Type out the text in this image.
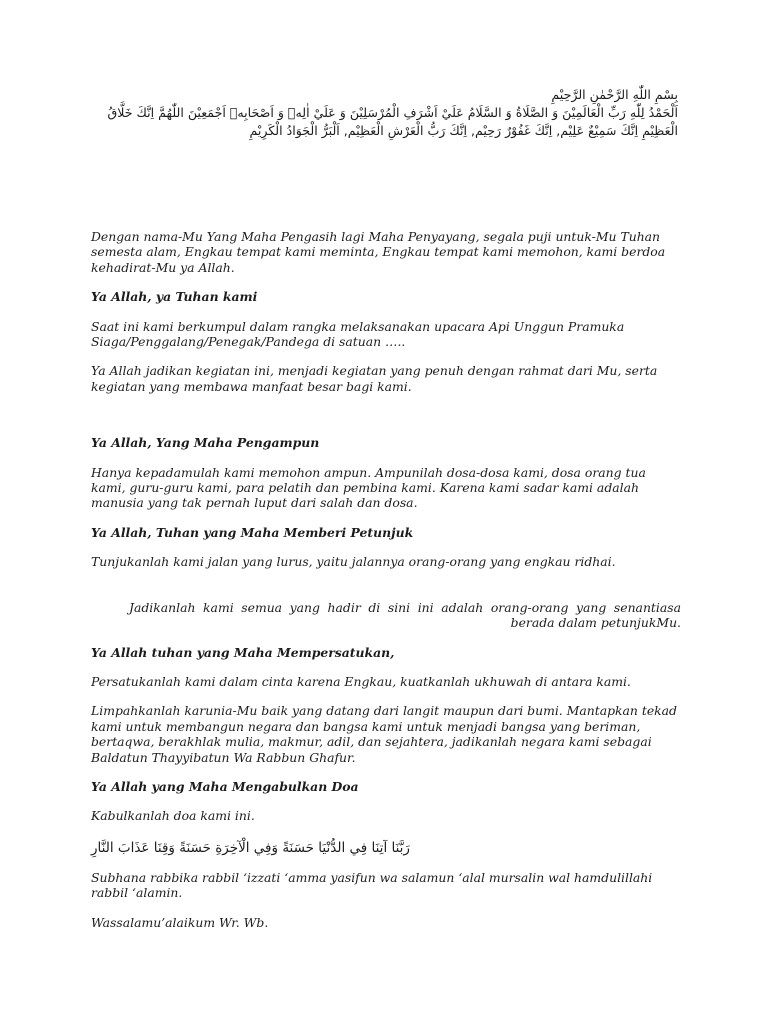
بِسْمِ اللّٰهِ الرَّحْمٰنِ الرَّحِيْمِ

اَلْحَمْدُ لِلّٰهِ رَبِّ الْعَالَمِيْنَ وَ الصَّلَاةُ وَ السَّلَامُ عَلَيْ اَشْرَفِ الْمُرْسَلِيْنَ وَ عَلَيْ اٰلِهٖ وَ اَصْحَابِهٖ اَجْمَعِيْنَ اللّٰهُمَّ اِنَّكَ خَلَّاقُ الْعَظِيْمِ اِنَّكَ سَمِيْعٌ عَلِيْم, اِنَّكَ غَفُوْرٌ رَحِيْم, اِنَّكَ رَبُّ الْعَرْشِ الْعَظِيْم, اَلْبَرُّ الْجَوَادُ الْكَرِيْمِ

Dengan nama-Mu Yang Maha Pengasih lagi Maha Penyayang, segala puji untuk-Mu Tuhan semesta alam, Engkau tempat kami meminta, Engkau tempat kami memohon, kami berdoa kehadirat-Mu ya Allah.

Ya Allah, ya Tuhan kami

Saat ini kami berkumpul dalam rangka melaksanakan upacara Api Unggun Pramuka Siaga/Penggalang/Penegak/Pandega di satuan …..

Ya Allah jadikan kegiatan ini, menjadi kegiatan yang penuh dengan rahmat dari Mu, serta kegiatan yang membawa manfaat besar bagi kami.

Ya Allah, Yang Maha Pengampun

Hanya kepadamulah kami memohon ampun. Ampunilah dosa-dosa kami, dosa orang tua kami, guru-guru kami, para pelatih dan pembina kami. Karena kami sadar kami adalah manusia yang tak pernah luput dari salah dan dosa.

Ya Allah, Tuhan yang Maha Memberi Petunjuk

Tunjukanlah kami jalan yang lurus, yaitu jalannya orang-orang yang engkau ridhai.

Jadikanlah kami semua yang hadir di sini ini adalah orang-orang yang senantiasa berada dalam petunjukMu.

Ya Allah tuhan yang Maha Mempersatukan,

Persatukanlah kami dalam cinta karena Engkau, kuatkanlah ukhuwah di antara kami.

Limpahkanlah karunia-Mu baik yang datang dari langit maupun dari bumi. Mantapkan tekad kami untuk membangun negara dan bangsa kami untuk menjadi bangsa yang beriman, bertaqwa, berakhlak mulia, makmur, adil, dan sejahtera, jadikanlah negara kami sebagai Baldatun Thayyibatun Wa Rabbun Ghafur.

Ya Allah yang Maha Mengabulkan Doa

Kabulkanlah doa kami ini.

رَبَّنَا آتِنَا فِي الدُّنْيَا حَسَنَةً وَفِي الْآخِرَةِ حَسَنَةً وَقِنَا عَذَابَ النَّارِ

Subhana rabbika rabbil ‘izzati ‘amma yasifun wa salamun ‘alal mursalin wal hamdulillahi rabbil ‘alamin.

Wassalamu’alaikum Wr. Wb.
